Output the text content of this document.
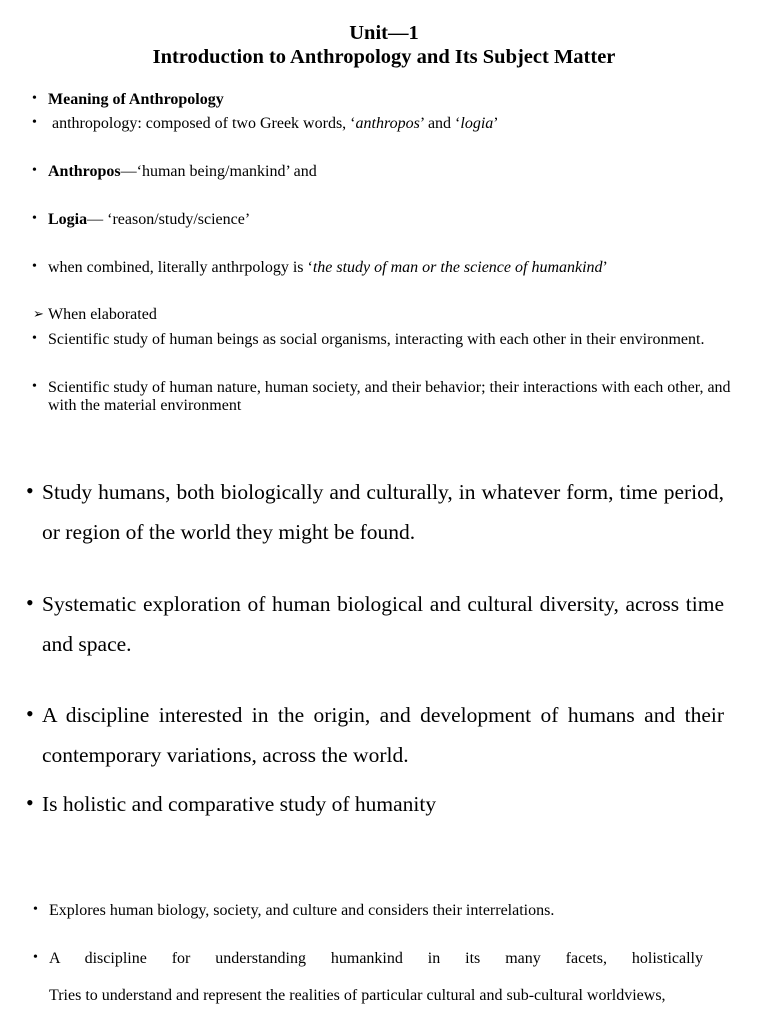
Unit—1
Introduction to Anthropology and Its Subject Matter
• Meaning of Anthropology
• anthropology: composed of two Greek words, ‘anthropos’ and ‘logia’
• Anthropos—‘human being/mankind’ and
• Logia— ‘reason/study/science’
• when combined, literally anthrpology is ‘the study of man or the science of humankind’
➢ When elaborated
• Scientific study of human beings as social organisms, interacting with each other in their environment.
• Scientific study of human nature, human society, and their behavior; their interactions with each other, and with the material environment
• Study humans, both biologically and culturally, in whatever form, time period, or region of the world they might be found.
• Systematic exploration of human biological and cultural diversity, across time and space.
• A discipline interested in the origin, and development of humans and their contemporary variations, across the world.
• Is holistic and comparative study of humanity
• Explores human biology, society, and culture and considers their interrelations.
• A discipline for understanding humankind in its many facets, holistically
Tries to understand and represent the realities of particular cultural and sub-cultural worldviews,
